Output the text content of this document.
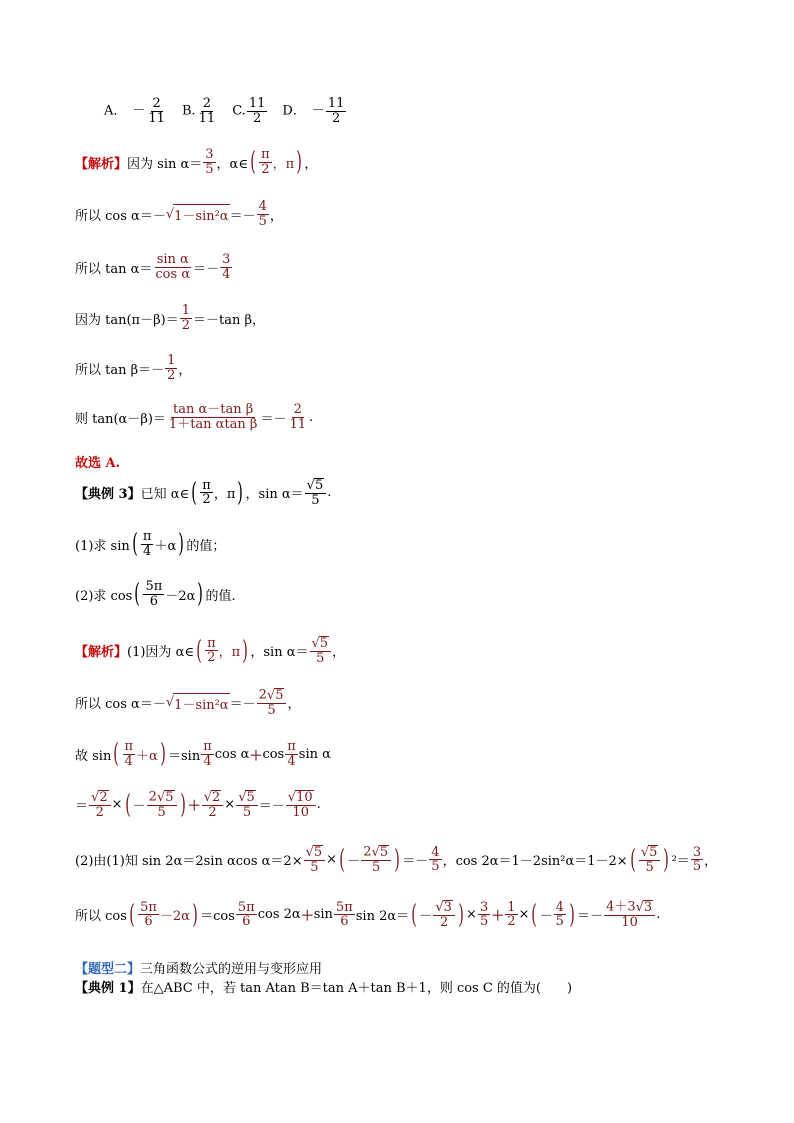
A． － $\frac{2}{11} B$. $\frac{2}{11} C$. $\frac{11}{2}$ D． － $\frac{11}{2}$
【解析】 因为 $\sin \alpha= \frac{3}{5}$ ，α∈ ( $\frac{\pi}{2}$ ，π ) ，
所以 cos α＝－ √ $1-\sin^2\alpha =- \frac{4}{5}$ ，
所以 $\tan \alpha= \frac{\text{sin α}}{\text{cos α}} =- \frac{3}{4}$
因为 $\tan(\pi-\beta)= \frac{1}{2} =-\tan$ β，
所以 $\tan \beta=- \frac{1}{2}$ ，
则 $\tan(\alpha-\beta)= \frac{\text{tan α－tan β}}{\text{1＋tan αtan β}} =- \frac{2}{11}$ .
故选 A.
【典例 3】 已知 α∈ ( $\frac{\pi}{2}$ ，π ) ，$\sin \alpha= \frac{√ 5}{5}$ .
(1)求 sin ( $\frac{\pi}{4} +\alpha$ ) 的值；
(2)求 cos ( $\frac{5\pi}{6} -2\alpha$ ) 的值.
【解析】 (1)因为 α∈ ( $\frac{\pi}{2}$ ，π ) ，$\sin \alpha= \frac{√ 5}{5}$ ，
所以 cos α＝－ √ $1-\sin^2\alpha =- \frac{2√ 5}{5}$ ，
故 sin ( $\frac{\pi}{4} +\alpha$ ) $=\sin \frac{\pi}{4}$ $\cos \alpha + \cos \frac{\pi}{4}$ sin α
＝ $\frac{√ 2}{2}$ × ( － $\frac{2√ 5}{5}$ ) ＋ $\frac{√ 2}{2} \times \frac{√ 5}{5} =- \frac{√ 10}{10}$ .
(2)由(1)知 sin 2α＝2sin αcos $\alpha=2\times \frac{√ 5}{5}$ × ( － $\frac{2√ 5}{5}$ ) ＝－ $\frac{4}{5}$ ，cos 2α＝1－2sin²α＝1－2× ( $\frac{√ 5}{5}$ ) $^2= \frac{3}{5}$ ，
所以 cos ( $\frac{5\pi}{6} -2\alpha$ ) $=\cos \frac{5\pi}{6}$ $\cos 2\alpha + \sin \frac{5\pi}{6}$ sin 2α＝ ( － $\frac{√ 3}{2}$ ) × $\frac{3}{5} + \frac{1}{2}$ × ( － $\frac{4}{5}$ ) ＝－ $\frac{4+3√ 3}{10}$ .
【题型二】 三角函数公式的逆用与变形应用
【典例 1】 在△ABC 中，若 tan Atan B＝tan A＋tan B＋1，则 cos C 的值为(　　)
